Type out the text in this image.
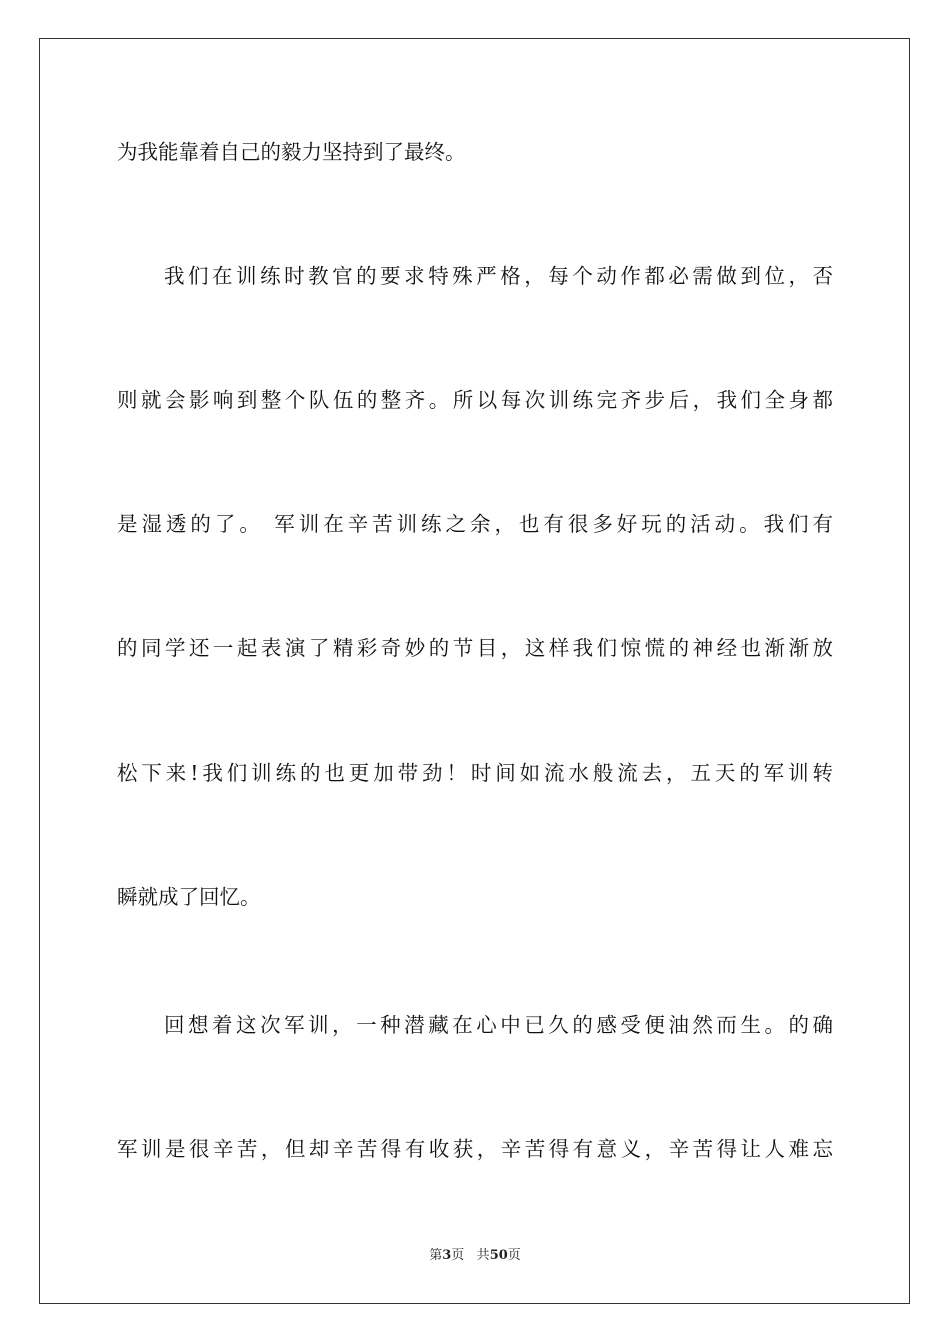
为我能靠着自己的毅力坚持到了最终。
我们在训练时教官的要求特殊严格，每个动作都必需做到位，否
则就会影响到整个队伍的整齐。所以每次训练完齐步后，我们全身都
是湿透的了。 军训在辛苦训练之余，也有很多好玩的活动。我们有
的同学还一起表演了精彩奇妙的节目，这样我们惊慌的神经也渐渐放
松下来!我们训练的也更加带劲！时间如流水般流去，五天的军训转
瞬就成了回忆。
回想着这次军训，一种潜藏在心中已久的感受便油然而生。的确
军训是很辛苦，但却辛苦得有收获，辛苦得有意义，辛苦得让人难忘
第3页 共50页
